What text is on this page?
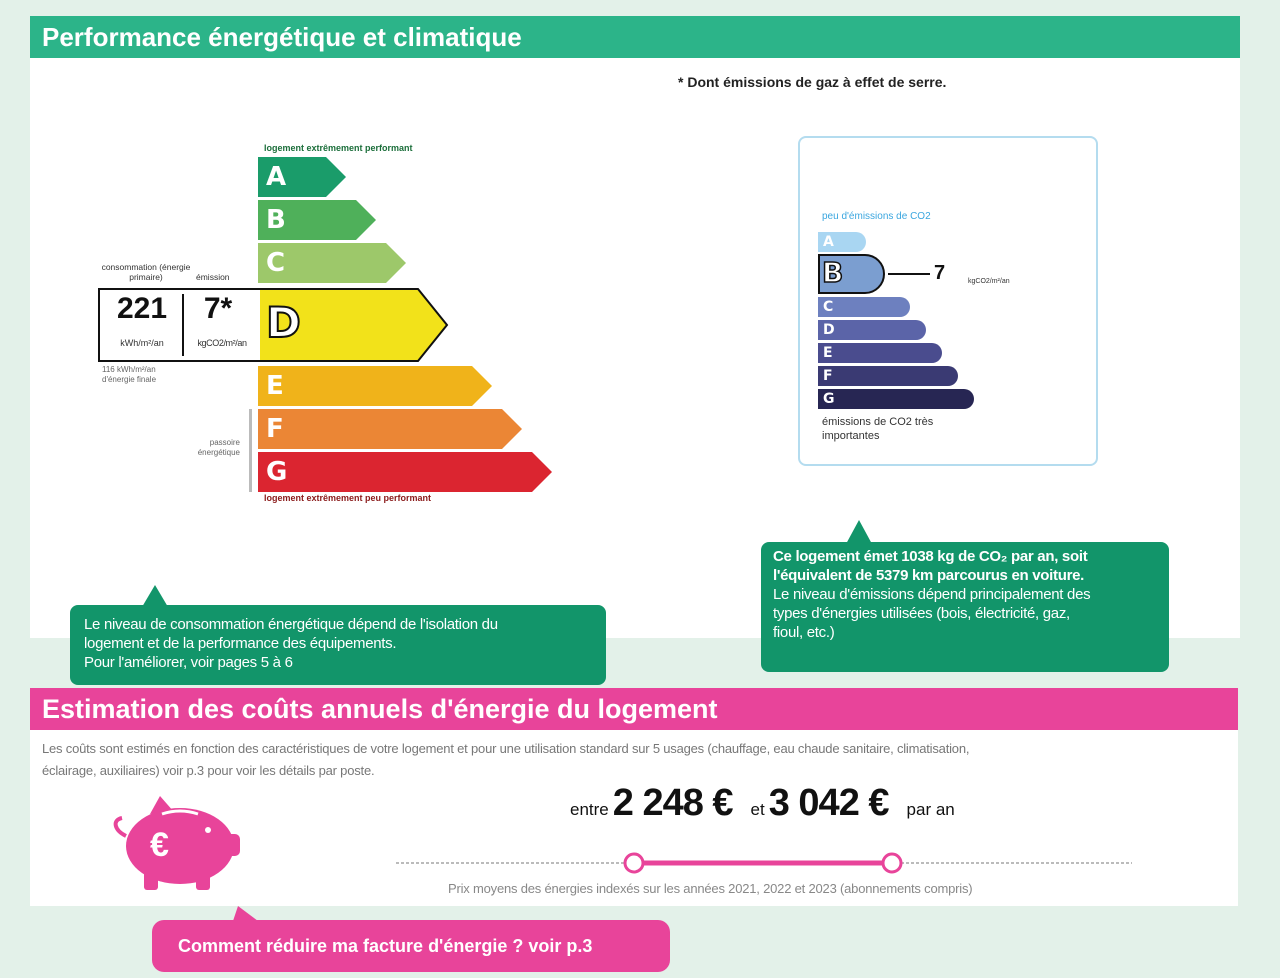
Performance énergétique et climatique
* Dont émissions de gaz à effet de serre.
logement extrêmement performant
A
B
C
D
E
F
G
logement extrêmement peu performant
passoire énergétique
consommation (énergie primaire)	émission
221
kWh/m²/an
7*
kgCO2/m²/an
116 kWh/m²/an d'énergie finale
peu d'émissions de CO2
A
B	7	kgCO2/m²/an
C
D
E
F
G
émissions de CO2 très importantes
Le niveau de consommation énergétique dépend de l'isolation du
logement et de la performance des équipements.
Pour l'améliorer, voir pages 5 à 6
Ce logement émet 1038 kg de CO₂ par an, soit
l'équivalent de 5379 km parcourus en voiture.
Le niveau d'émissions dépend principalement des
types d'énergies utilisées (bois, électricité, gaz,
fioul, etc.)
Estimation des coûts annuels d'énergie du logement
Les coûts sont estimés en fonction des caractéristiques de votre logement et pour une utilisation standard sur 5 usages (chauffage, eau chaude sanitaire, climatisation,
éclairage, auxiliaires) voir p.3 pour voir les détails par poste.
€
entre 2 248 € et 3 042 € par an
Prix moyens des énergies indexés sur les années 2021, 2022 et 2023 (abonnements compris)
Comment réduire ma facture d'énergie ? voir p.3
